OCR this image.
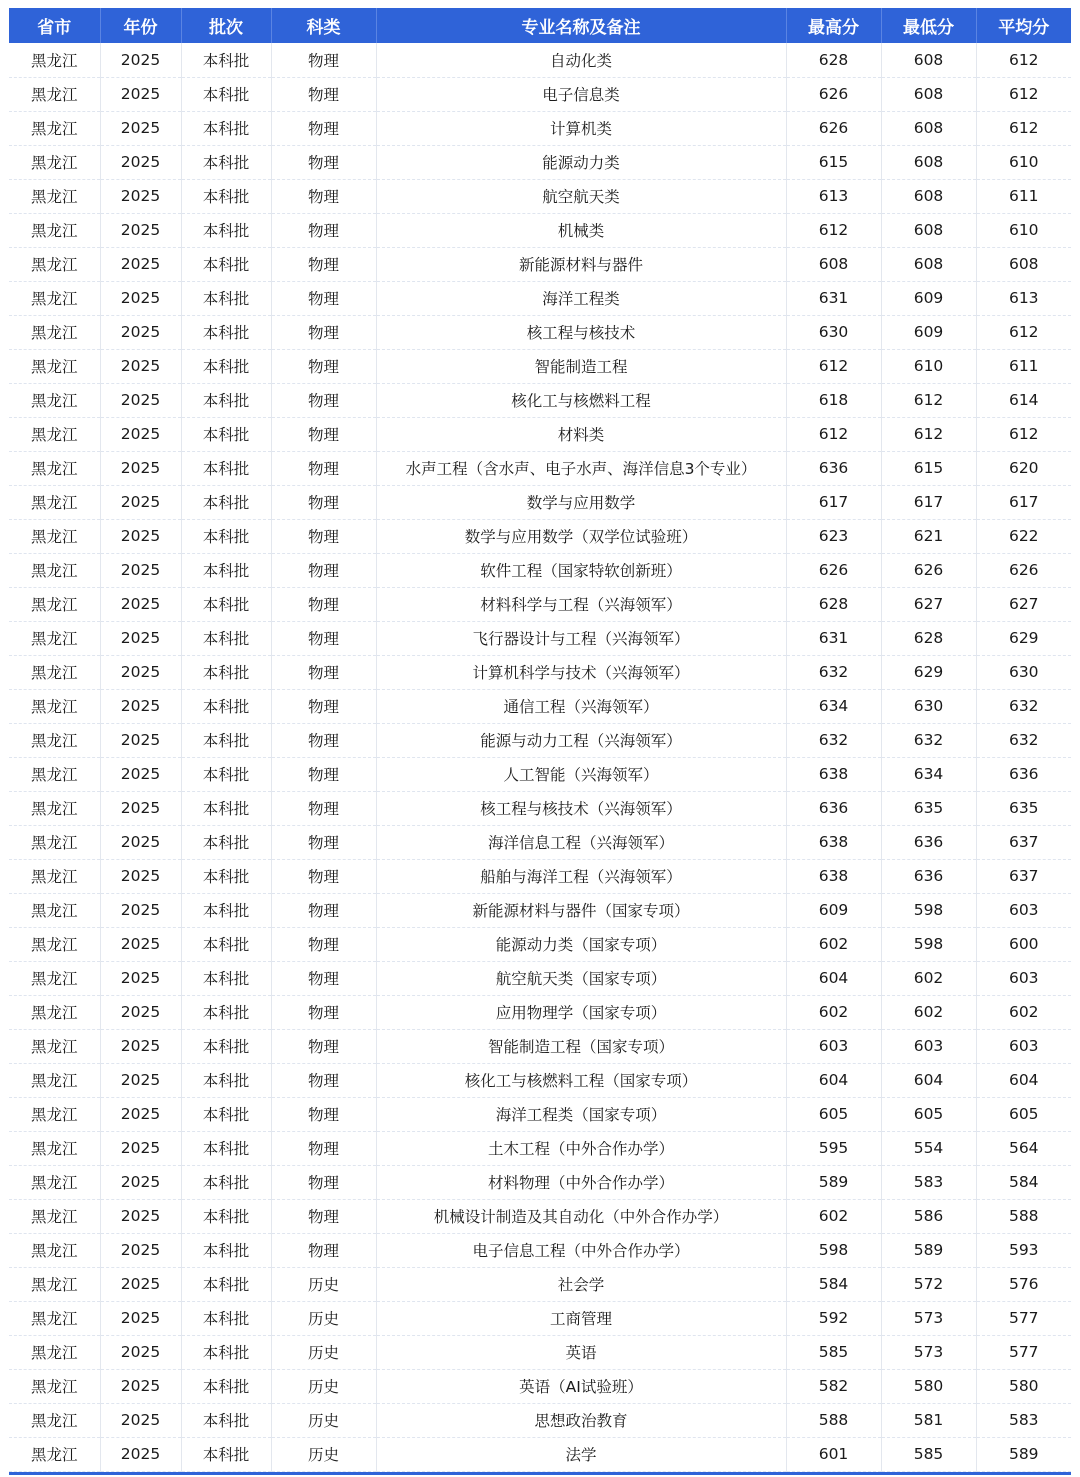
省市	年份	批次	科类	专业名称及备注	最高分	最低分	平均分
黑龙江	2025	本科批	物理	自动化类	628	608	612
黑龙江	2025	本科批	物理	电子信息类	626	608	612
黑龙江	2025	本科批	物理	计算机类	626	608	612
黑龙江	2025	本科批	物理	能源动力类	615	608	610
黑龙江	2025	本科批	物理	航空航天类	613	608	611
黑龙江	2025	本科批	物理	机械类	612	608	610
黑龙江	2025	本科批	物理	新能源材料与器件	608	608	608
黑龙江	2025	本科批	物理	海洋工程类	631	609	613
黑龙江	2025	本科批	物理	核工程与核技术	630	609	612
黑龙江	2025	本科批	物理	智能制造工程	612	610	611
黑龙江	2025	本科批	物理	核化工与核燃料工程	618	612	614
黑龙江	2025	本科批	物理	材料类	612	612	612
黑龙江	2025	本科批	物理	水声工程（含水声、电子水声、海洋信息3个专业）	636	615	620
黑龙江	2025	本科批	物理	数学与应用数学	617	617	617
黑龙江	2025	本科批	物理	数学与应用数学（双学位试验班）	623	621	622
黑龙江	2025	本科批	物理	软件工程（国家特软创新班）	626	626	626
黑龙江	2025	本科批	物理	材料科学与工程（兴海领军）	628	627	627
黑龙江	2025	本科批	物理	飞行器设计与工程（兴海领军）	631	628	629
黑龙江	2025	本科批	物理	计算机科学与技术（兴海领军）	632	629	630
黑龙江	2025	本科批	物理	通信工程（兴海领军）	634	630	632
黑龙江	2025	本科批	物理	能源与动力工程（兴海领军）	632	632	632
黑龙江	2025	本科批	物理	人工智能（兴海领军）	638	634	636
黑龙江	2025	本科批	物理	核工程与核技术（兴海领军）	636	635	635
黑龙江	2025	本科批	物理	海洋信息工程（兴海领军）	638	636	637
黑龙江	2025	本科批	物理	船舶与海洋工程（兴海领军）	638	636	637
黑龙江	2025	本科批	物理	新能源材料与器件（国家专项）	609	598	603
黑龙江	2025	本科批	物理	能源动力类（国家专项）	602	598	600
黑龙江	2025	本科批	物理	航空航天类（国家专项）	604	602	603
黑龙江	2025	本科批	物理	应用物理学（国家专项）	602	602	602
黑龙江	2025	本科批	物理	智能制造工程（国家专项）	603	603	603
黑龙江	2025	本科批	物理	核化工与核燃料工程（国家专项）	604	604	604
黑龙江	2025	本科批	物理	海洋工程类（国家专项）	605	605	605
黑龙江	2025	本科批	物理	土木工程（中外合作办学）	595	554	564
黑龙江	2025	本科批	物理	材料物理（中外合作办学）	589	583	584
黑龙江	2025	本科批	物理	机械设计制造及其自动化（中外合作办学）	602	586	588
黑龙江	2025	本科批	物理	电子信息工程（中外合作办学）	598	589	593
黑龙江	2025	本科批	历史	社会学	584	572	576
黑龙江	2025	本科批	历史	工商管理	592	573	577
黑龙江	2025	本科批	历史	英语	585	573	577
黑龙江	2025	本科批	历史	英语（AI试验班）	582	580	580
黑龙江	2025	本科批	历史	思想政治教育	588	581	583
黑龙江	2025	本科批	历史	法学	601	585	589
